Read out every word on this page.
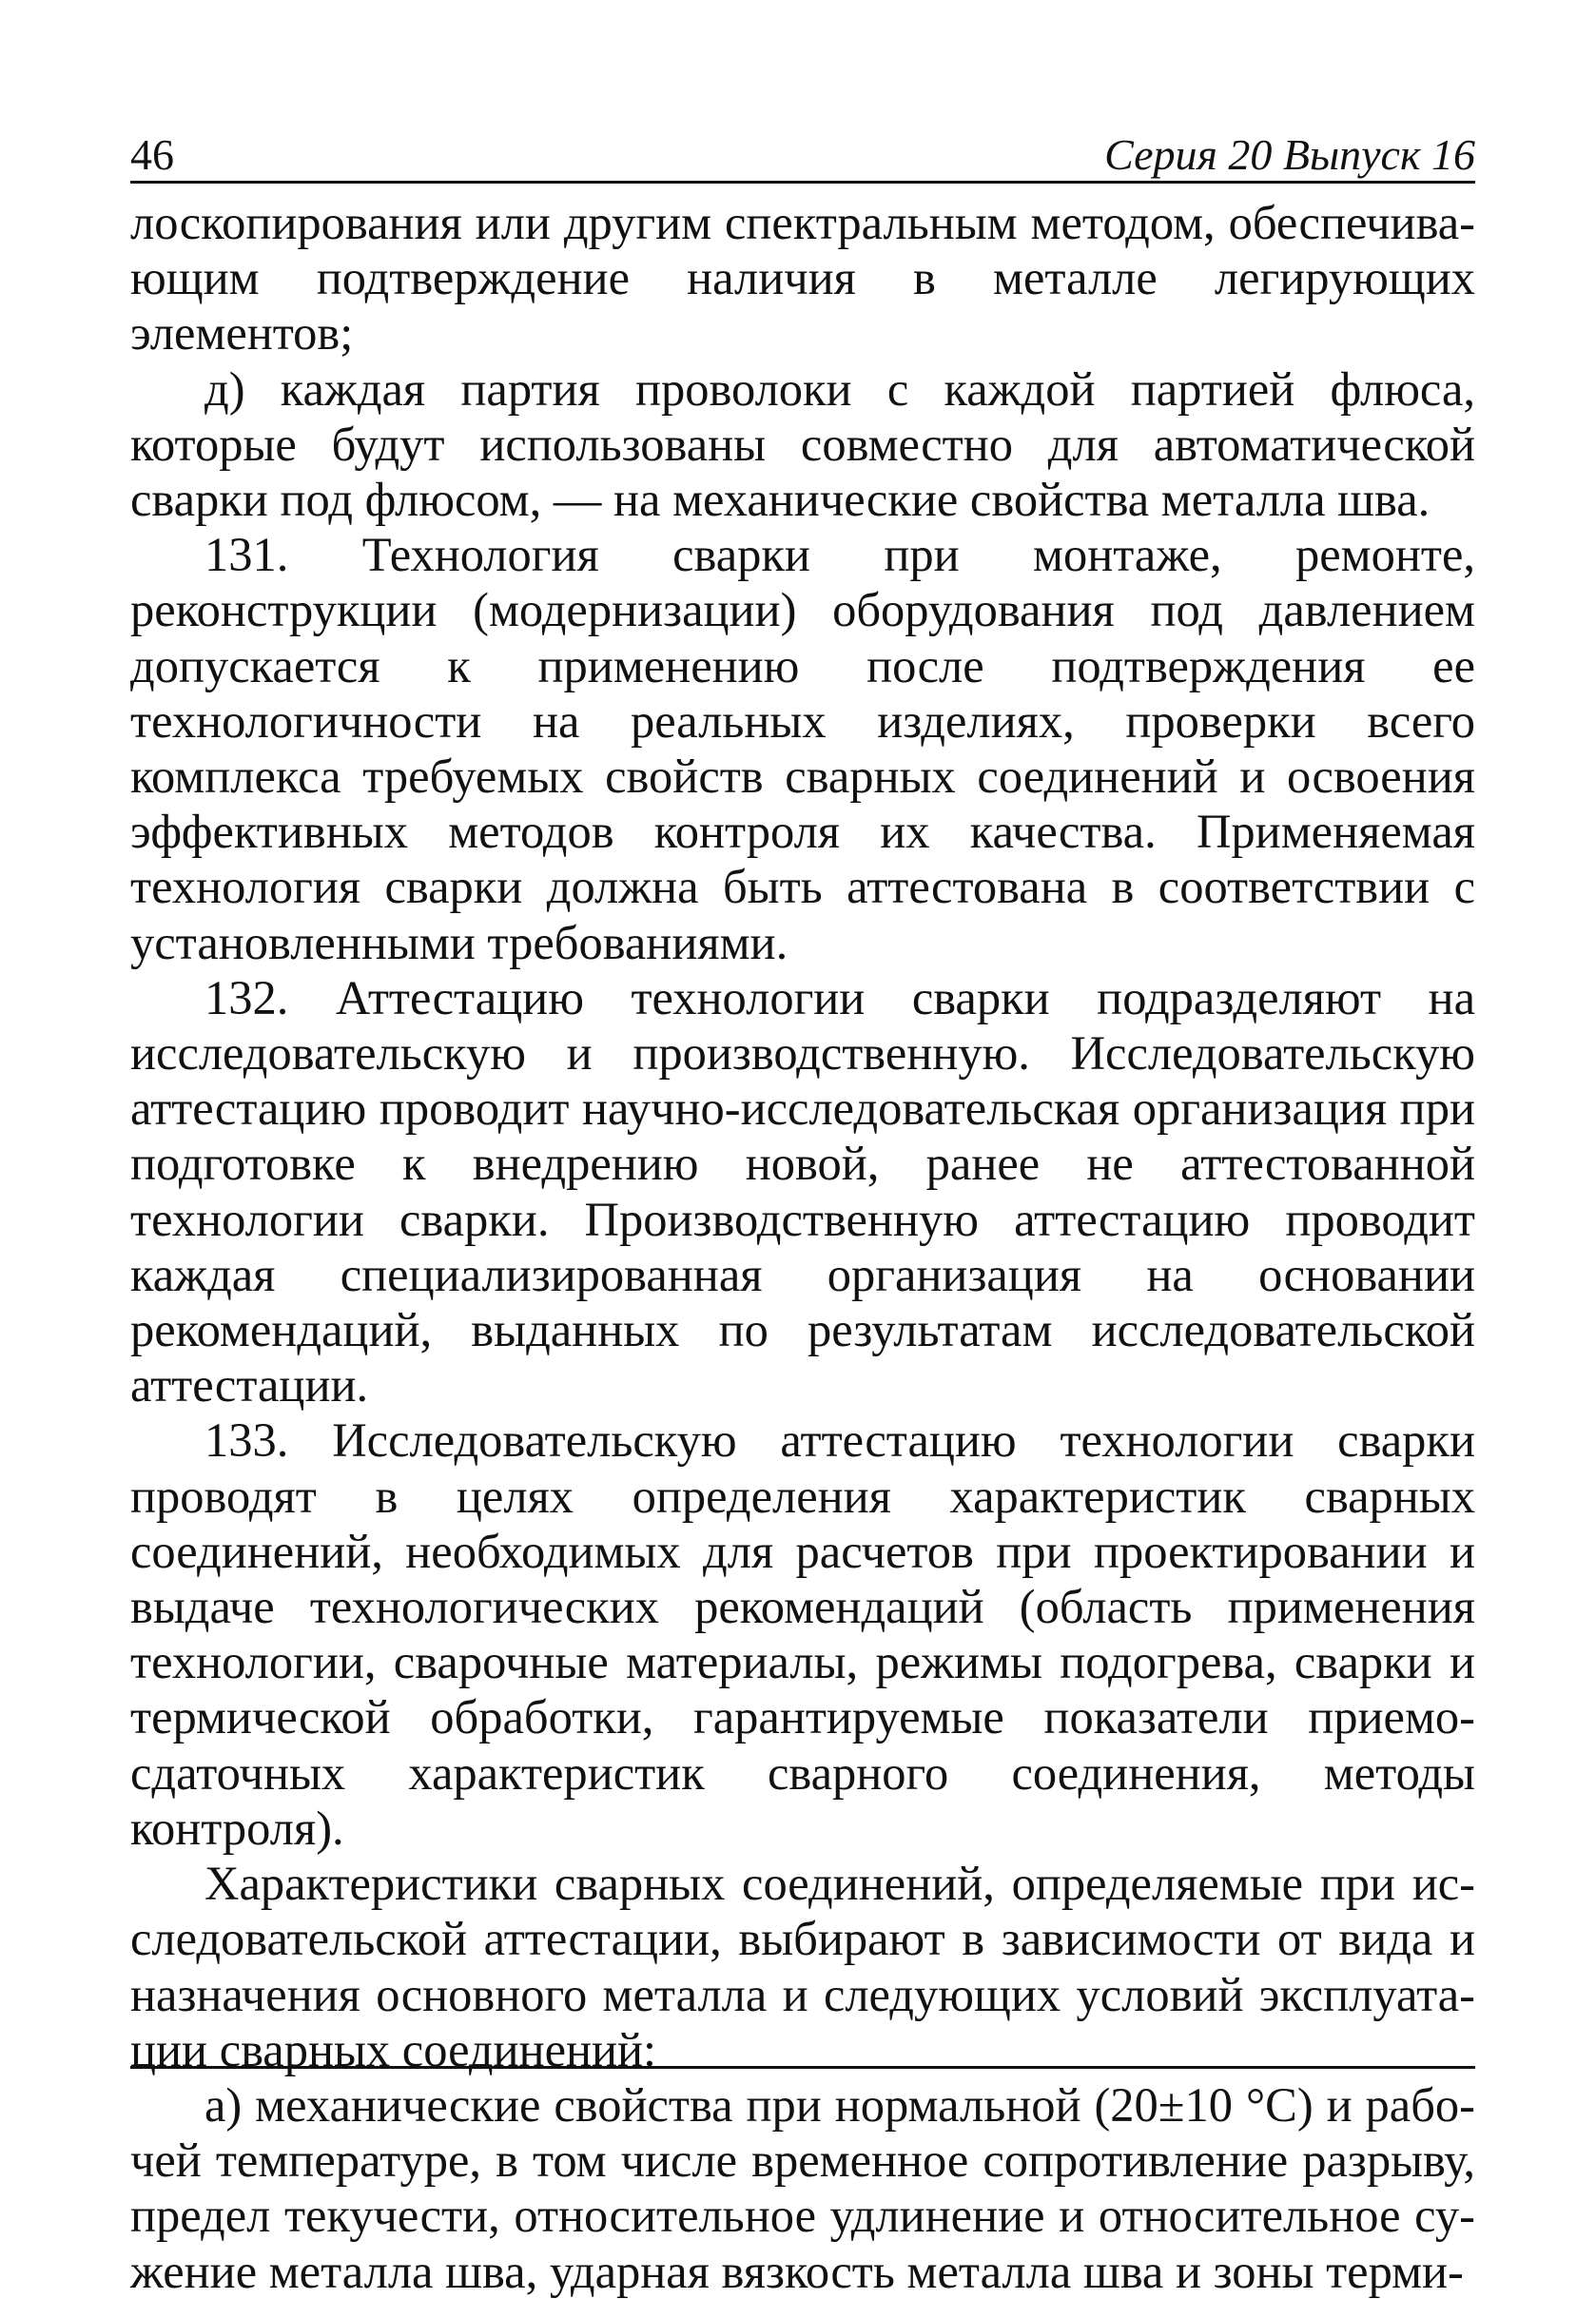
46	Серия 20 Выпуск 16

лоскопирования или другим спектральным методом, обеспечивающим подтверждение наличия в металле легирующих элементов;

д) каждая партия проволоки с каждой партией флюса, которые будут использованы совместно для автоматической сварки под флюсом, — на механические свойства металла шва.

131. Технология сварки при монтаже, ремонте, реконструкции (модернизации) оборудования под давлением допускается к применению после подтверждения ее технологичности на реальных изделиях, проверки всего комплекса требуемых свойств сварных соединений и освоения эффективных методов контроля их качества. Применяемая технология сварки должна быть аттестована в соответствии с установленными требованиями.

132. Аттестацию технологии сварки подразделяют на исследовательскую и производственную. Исследовательскую аттестацию проводит научно-исследовательская организация при подготовке к внедрению новой, ранее не аттестованной технологии сварки. Производственную аттестацию проводит каждая специализированная организация на основании рекомендаций, выданных по результатам исследовательской аттестации.

133. Исследовательскую аттестацию технологии сварки проводят в целях определения характеристик сварных соединений, необходимых для расчетов при проектировании и выдаче технологических рекомендаций (область применения технологии, сварочные материалы, режимы подогрева, сварки и термической обработки, гарантируемые показатели приемо-сдаточных характеристик сварного соединения, методы контроля).

Характеристики сварных соединений, определяемые при исследовательской аттестации, выбирают в зависимости от вида и назначения основного металла и следующих условий эксплуатации сварных соединений:

а) механические свойства при нормальной (20±10 °С) и рабочей температуре, в том числе временное сопротивление разрыву, предел текучести, относительное удлинение и относительное сужение металла шва, ударная вязкость металла шва и зоны терми-
